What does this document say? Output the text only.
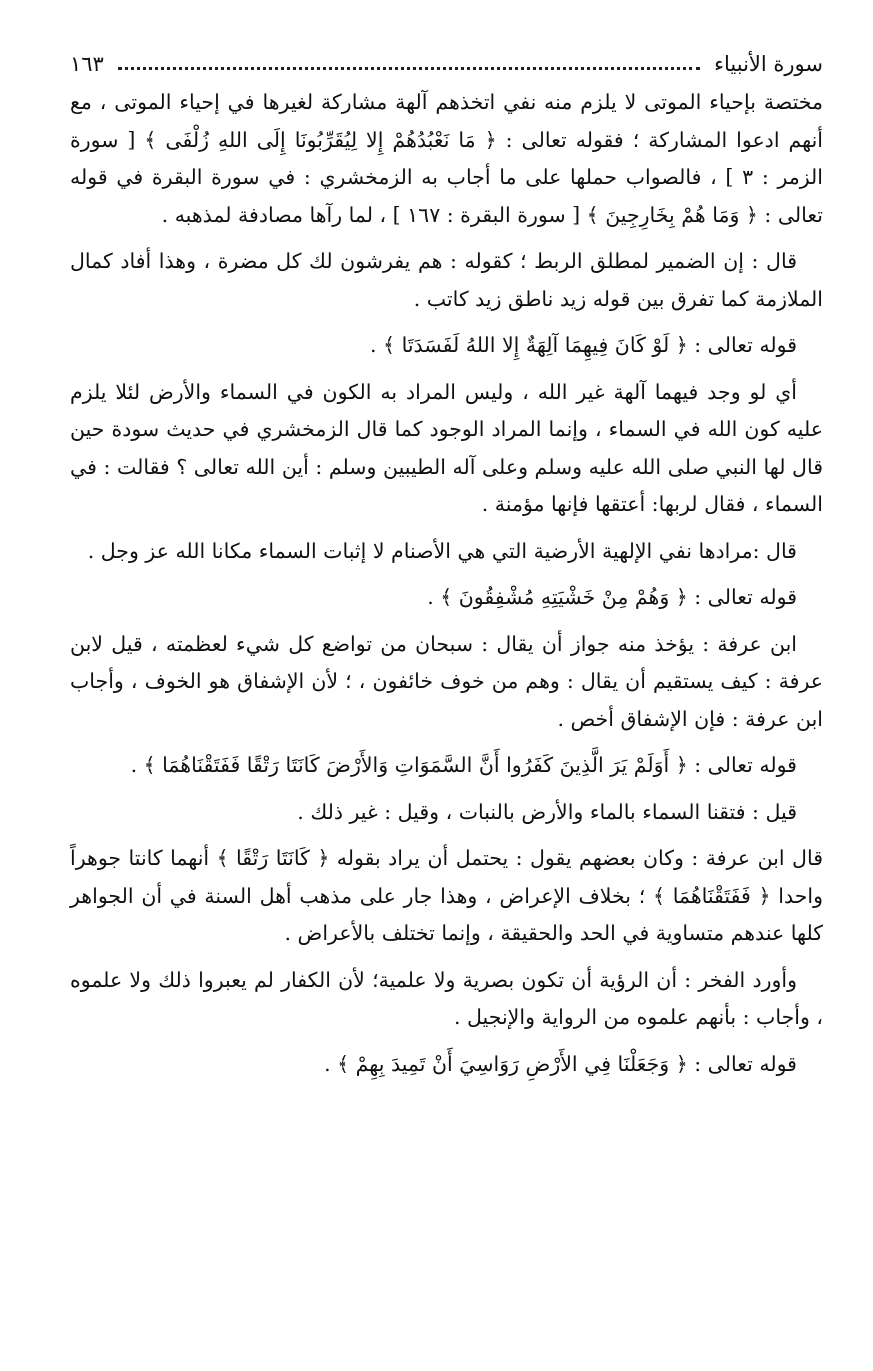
سورة الأنبياء
١٦٣

مختصة بإحياء الموتى لا يلزم منه نفي اتخذهم آلهة مشاركة لغيرها في إحياء الموتى ، مع أنهم ادعوا المشاركة ؛ فقوله تعالى : ﴿ مَا نَعْبُدُهُمْ إِلا لِيُقَرِّبُونَا إِلَى اللهِ زُلْفَى ﴾ [ سورة الزمر : ٣ ] ، فالصواب حملها على ما أجاب به الزمخشري : في سورة البقرة في قوله تعالى : ﴿ وَمَا هُمْ بِخَارِجِينَ ﴾ [ سورة البقرة : ١٦٧ ] ، لما رآها مصادفة لمذهبه .

قال : إن الضمير لمطلق الربط ؛ كقوله : هم يفرشون لك كل مضرة ، وهذا أفاد كمال الملازمة كما تفرق بين قوله زيد ناطق زيد كاتب .

قوله تعالى : ﴿ لَوْ كَانَ فِيهِمَا آلِهَةٌ إِلا اللهُ لَفَسَدَتَا ﴾ .

أي لو وجد فيهما آلهة غير الله ، وليس المراد به الكون في السماء والأرض لئلا يلزم عليه كون الله في السماء ، وإنما المراد الوجود كما قال الزمخشري في حديث سودة حين قال لها النبي صلى الله عليه وسلم وعلى آله الطيبين وسلم : أين الله تعالى ؟ فقالت : في السماء ، فقال لربها: أعتقها فإنها مؤمنة .

قال :مرادها نفي الإلهية الأرضية التي هي الأصنام لا إثبات السماء مكانا الله عز وجل .

قوله تعالى : ﴿ وَهُمْ مِنْ خَشْيَتِهِ مُشْفِقُونَ ﴾ .

ابن عرفة : يؤخذ منه جواز أن يقال : سبحان من تواضع كل شيء لعظمته ، قيل لابن عرفة : كيف يستقيم أن يقال : وهم من خوف خائفون ، ؛ لأن الإشفاق هو الخوف ، وأجاب ابن عرفة : فإن الإشفاق أخص .

قوله تعالى : ﴿ أَوَلَمْ يَرَ الَّذِينَ كَفَرُوا أَنَّ السَّمَوَاتِ وَالأَرْضَ كَانَتَا رَتْقًا فَفَتَقْنَاهُمَا ﴾ .

قيل : فتقنا السماء بالماء والأرض بالنبات ، وقيل : غير ذلك .

قال ابن عرفة : وكان بعضهم يقول : يحتمل أن يراد بقوله ﴿ كَانَتَا رَتْقًا ﴾ أنهما كانتا جوهراً واحدا ﴿ فَفَتَقْنَاهُمَا ﴾ ؛ بخلاف الإعراض ، وهذا جار على مذهب أهل السنة في أن الجواهر كلها عندهم متساوية في الحد والحقيقة ، وإنما تختلف بالأعراض .

وأورد الفخر : أن الرؤية أن تكون بصرية ولا علمية؛ لأن الكفار لم يعبروا ذلك ولا علموه ، وأجاب : بأنهم علموه من الرواية والإنجيل .

قوله تعالى : ﴿ وَجَعَلْنَا فِي الأَرْضِ رَوَاسِيَ أَنْ تَمِيدَ بِهِمْ ﴾ .
